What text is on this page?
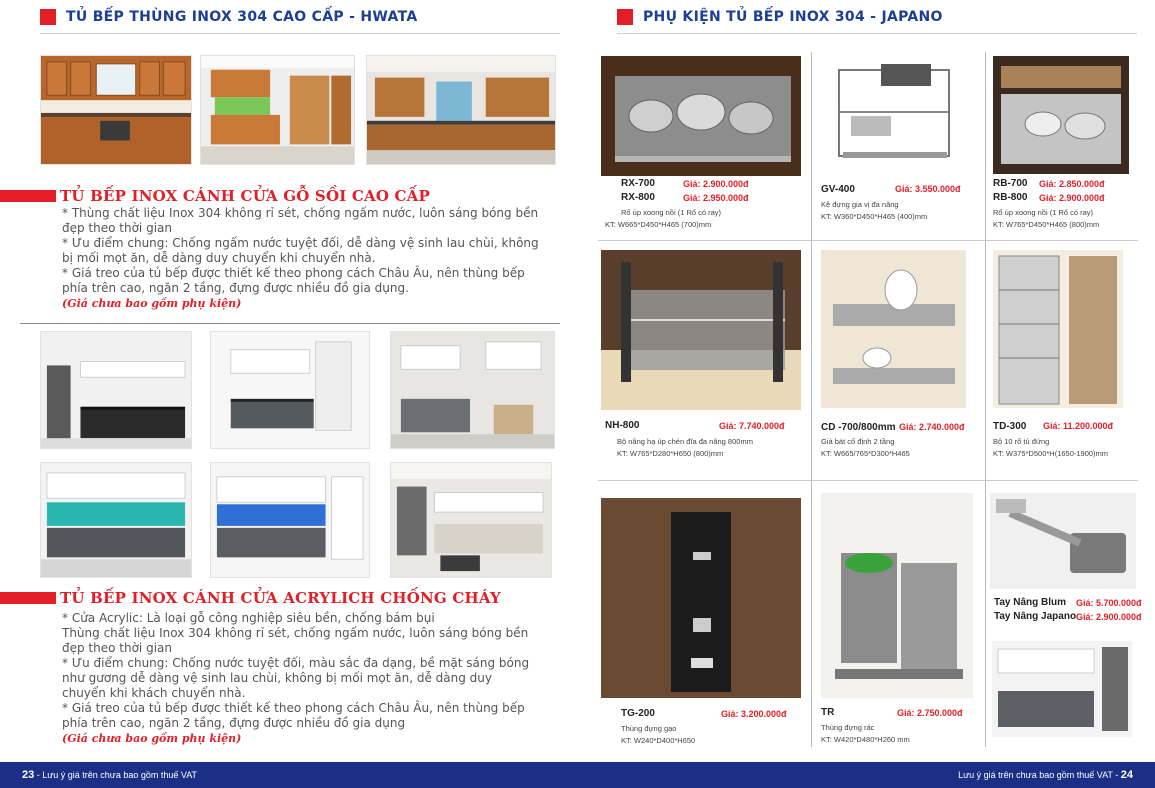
TỦ BẾP THÙNG INOX 304 CAO CẤP - HWATA
TỦ BẾP INOX CÁNH CỬA GỖ SỒI CAO CẤP

* Thùng chất liệu Inox 304 không rỉ sét, chống ngấm nước, luôn sáng bóng bền

đẹp theo thời gian

* Ưu điểm chung: Chống ngấm nước tuyệt đối, dễ dàng vệ sinh lau chùi, không

bị mối mọt ăn, dễ dàng duy chuyển khi chuyển nhà.

* Giá treo của tủ bếp được thiết kế theo phong cách Châu Âu, nên thùng bếp

phía trên cao, ngăn 2 tầng, đựng được nhiều đồ gia dụng.

(Giá chưa bao gồm phụ kiện)

TỦ BẾP INOX CÁNH CỬA ACRYLICH CHỐNG CHÁY

* Cửa Acrylic: Là loại gỗ công nghiệp siêu bền, chống bám bụi

Thùng chất liệu Inox 304 không rỉ sét, chống ngấm nước, luôn sáng bóng bền

đẹp theo thời gian

* Ưu điểm chung: Chống nước tuyệt đối, màu sắc đa dạng, bề mặt sáng bóng

như gương dễ dàng vệ sinh lau chùi, không bị mối mọt ăn, dễ dàng duy

chuyển khi khách chuyển nhà.

* Giá treo của tủ bếp được thiết kế theo phong cách Châu Âu, nên thùng bếp

phía trên cao, ngăn 2 tầng, đựng được nhiều đồ gia dụng

(Giá chưa bao gồm phụ kiện)

PHỤ KIỆN TỦ BẾP INOX 304 - JAPANO
RX-700	Giá: 2.900.000đ
RX-800	Giá: 2.950.000đ
Rổ úp xoong nồi (1 Rổ có ray)
KT: W665*D450*H465 (700)mm
GV-400	Giá: 3.550.000đ
Kệ đựng gia vị đa năng
KT: W360*D450*H465 (400)mm
RB-700 Giá: 2.850.000đ
RB-800 Giá: 2.900.000đ
Rổ úp xoong nồi (1 Rổ có ray)
KT: W765*D450*H465 (800)mm
NH-800	Giá: 7.740.000đ
Bộ nâng hạ úp chén đĩa đa năng 800mm
KT: W765*D280*H650 (800)mm
CD -700/800mm Giá: 2.740.000đ
Giá bát cố định 2 tầng
KT: W665/765*D300*H465
TD-300 Giá: 11.200.000đ
Bộ 10 rổ tủ đứng
KT: W375*D500*H(1650-1900)mm
TG-200	Giá: 3.200.000đ
Thùng đựng gạo
KT: W240*D400*H650
TR	Giá: 2.750.000đ
Thùng đựng rác
KT: W420*D480*H260 mm
Tay Nâng Blum Giá: 5.700.000đ
Tay Nâng Japano Giá: 2.900.000đ
23 - Lưu ý giá trên chưa bao gồm thuế VAT	Lưu ý giá trên chưa bao gồm thuế VAT - 24
